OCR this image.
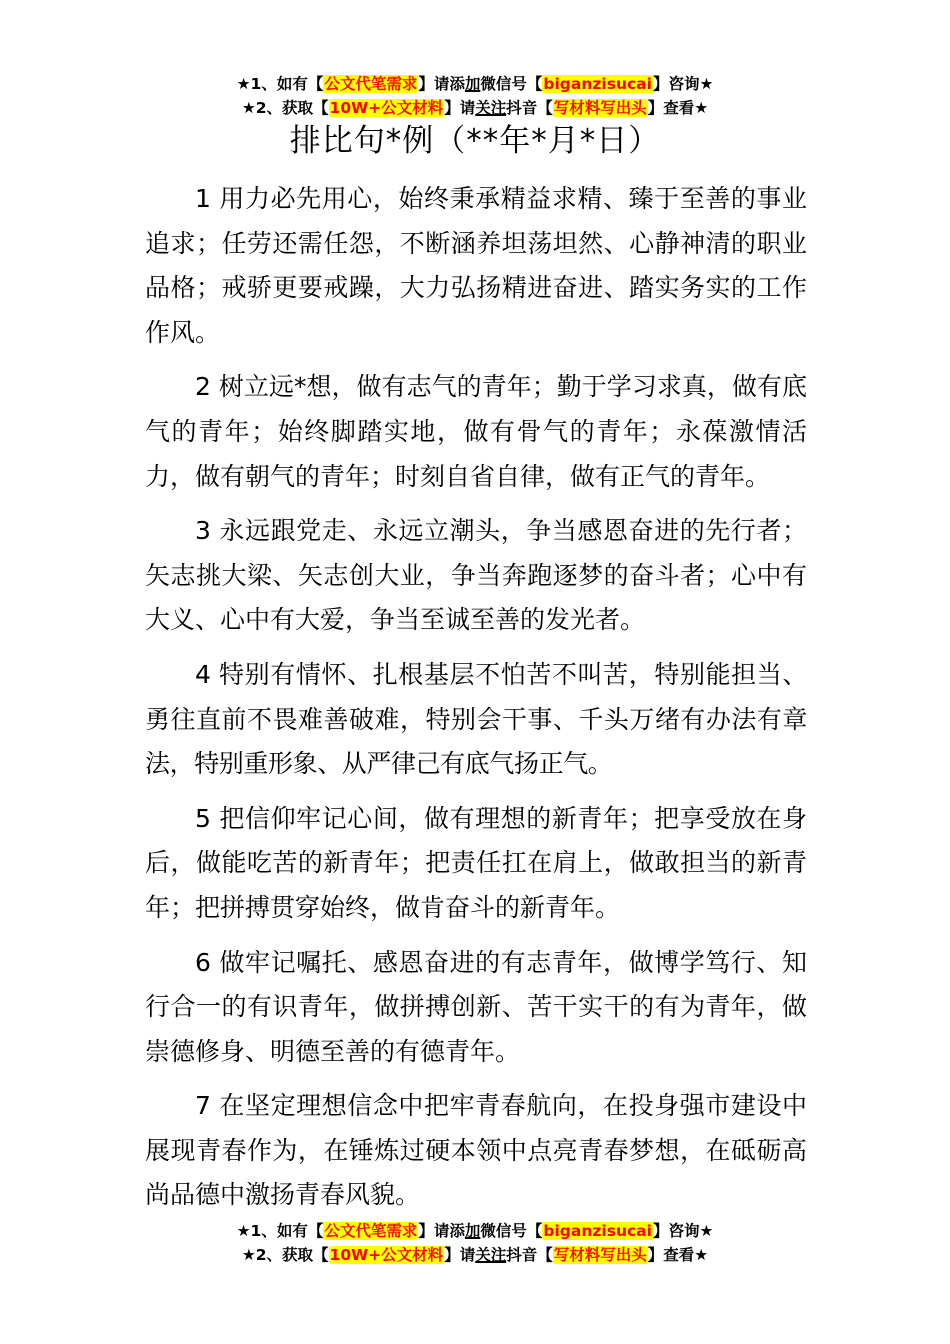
★1、如有【公文代笔需求】请添加微信号【biganzisucai】咨询★
★2、获取【10W+公文材料】请关注抖音【写材料写出头】查看★
排比句*例（**年*月*日）

1 用力必先用心，始终秉承精益求精、臻于至善的事业追求；任劳还需任怨，不断涵养坦荡坦然、心静神清的职业品格；戒骄更要戒躁，大力弘扬精进奋进、踏实务实的工作作风。

2 树立远*想，做有志气的青年；勤于学习求真，做有底气的青年；始终脚踏实地，做有骨气的青年；永葆激情活力，做有朝气的青年；时刻自省自律，做有正气的青年。

3 永远跟党走、永远立潮头，争当感恩奋进的先行者；矢志挑大梁、矢志创大业，争当奔跑逐梦的奋斗者；心中有大义、心中有大爱，争当至诚至善的发光者。

4 特别有情怀、扎根基层不怕苦不叫苦，特别能担当、勇往直前不畏难善破难，特别会干事、千头万绪有办法有章法，特别重形象、从严律己有底气扬正气。

5 把信仰牢记心间，做有理想的新青年；把享受放在身后，做能吃苦的新青年；把责任扛在肩上，做敢担当的新青年；把拼搏贯穿始终，做肯奋斗的新青年。

6 做牢记嘱托、感恩奋进的有志青年，做博学笃行、知行合一的有识青年，做拼搏创新、苦干实干的有为青年，做崇德修身、明德至善的有德青年。

7 在坚定理想信念中把牢青春航向，在投身强市建设中展现青春作为，在锤炼过硬本领中点亮青春梦想，在砥砺高尚品德中激扬青春风貌。

★1、如有【公文代笔需求】请添加微信号【biganzisucai】咨询★
★2、获取【10W+公文材料】请关注抖音【写材料写出头】查看★
